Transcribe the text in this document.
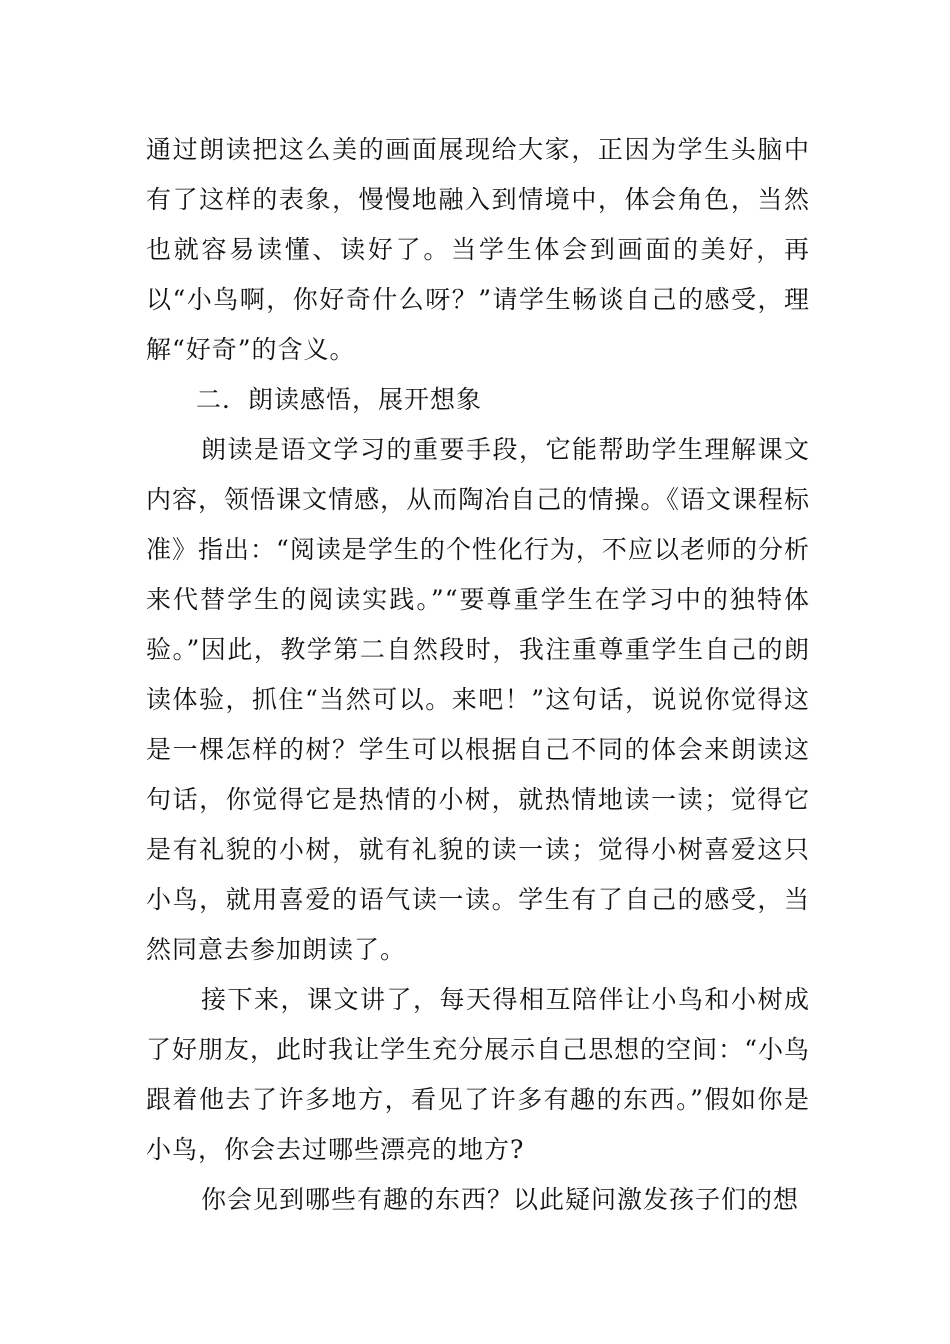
通过朗读把这么美的画面展现给大家，正因为学生头脑中有了这样的表象，慢慢地融入到情境中，体会角色，当然也就容易读懂、读好了。当学生体会到画面的美好，再以“小鸟啊，你好奇什么呀？”请学生畅谈自己的感受，理解“好奇”的含义。

二．朗读感悟，展开想象

朗读是语文学习的重要手段，它能帮助学生理解课文内容，领悟课文情感，从而陶冶自己的情操。《语文课程标准》指出：“阅读是学生的个性化行为，不应以老师的分析来代替学生的阅读实践。”“要尊重学生在学习中的独特体验。”因此，教学第二自然段时，我注重尊重学生自己的朗读体验，抓住“当然可以。来吧！”这句话，说说你觉得这是一棵怎样的树？学生可以根据自己不同的体会来朗读这句话，你觉得它是热情的小树，就热情地读一读；觉得它是有礼貌的小树，就有礼貌的读一读；觉得小树喜爱这只小鸟，就用喜爱的语气读一读。学生有了自己的感受，当然同意去参加朗读了。

接下来，课文讲了，每天得相互陪伴让小鸟和小树成了好朋友，此时我让学生充分展示自己思想的空间：“小鸟跟着他去了许多地方，看见了许多有趣的东西。”假如你是小鸟，你会去过哪些漂亮的地方?

你会见到哪些有趣的东西？以此疑问激发孩子们的想
